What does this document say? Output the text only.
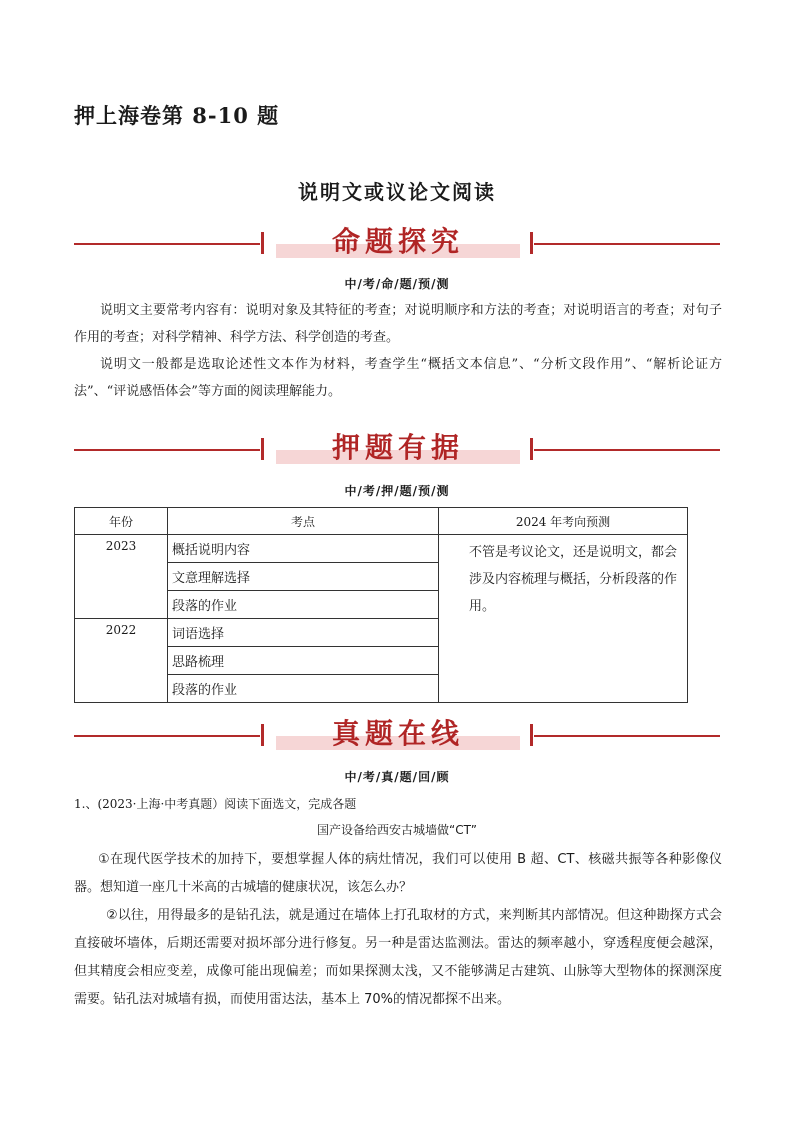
押上海卷第 8-10 题
说明文或议论文阅读
命题探究
中/考/命/题/预/测
说明文主要常考内容有：说明对象及其特征的考查；对说明顺序和方法的考查；对说明语言的考查；对句子作用的考查；对科学精神、科学方法、科学创造的考查。
说明文一般都是选取论述性文本作为材料，考查学生“概括文本信息”、“分析文段作用”、“解析论证方法”、“评说感悟体会”等方面的阅读理解能力。
押题有据
中/考/押/题/预/测
年份	考点	2024 年考向预测
2023	概括说明内容	不管是考议论文，还是说明文，都会涉及内容梳理与概括，分析段落的作用。
	文意理解选择	
	段落的作业	
2022	词语选择	
	思路梳理	
	段落的作业	
真题在线
中/考/真/题/回/顾
1.、(2023·上海·中考真题）阅读下面选文，完成各题
国产设备给西安古城墙做“CT”
①在现代医学技术的加持下，要想掌握人体的病灶情况，我们可以使用 B 超、CT、核磁共振等各种影像仪器。想知道一座几十米高的古城墙的健康状况，该怎么办？
②以往，用得最多的是钻孔法，就是通过在墙体上打孔取材的方式，来判断其内部情况。但这种勘探方式会直接破坏墙体，后期还需要对损坏部分进行修复。另一种是雷达监测法。雷达的频率越小，穿透程度便会越深，但其精度会相应变差，成像可能出现偏差；而如果探测太浅，又不能够满足古建筑、山脉等大型物体的探测深度需要。钻孔法对城墙有损，而使用雷达法，基本上 70%的情况都探不出来。
